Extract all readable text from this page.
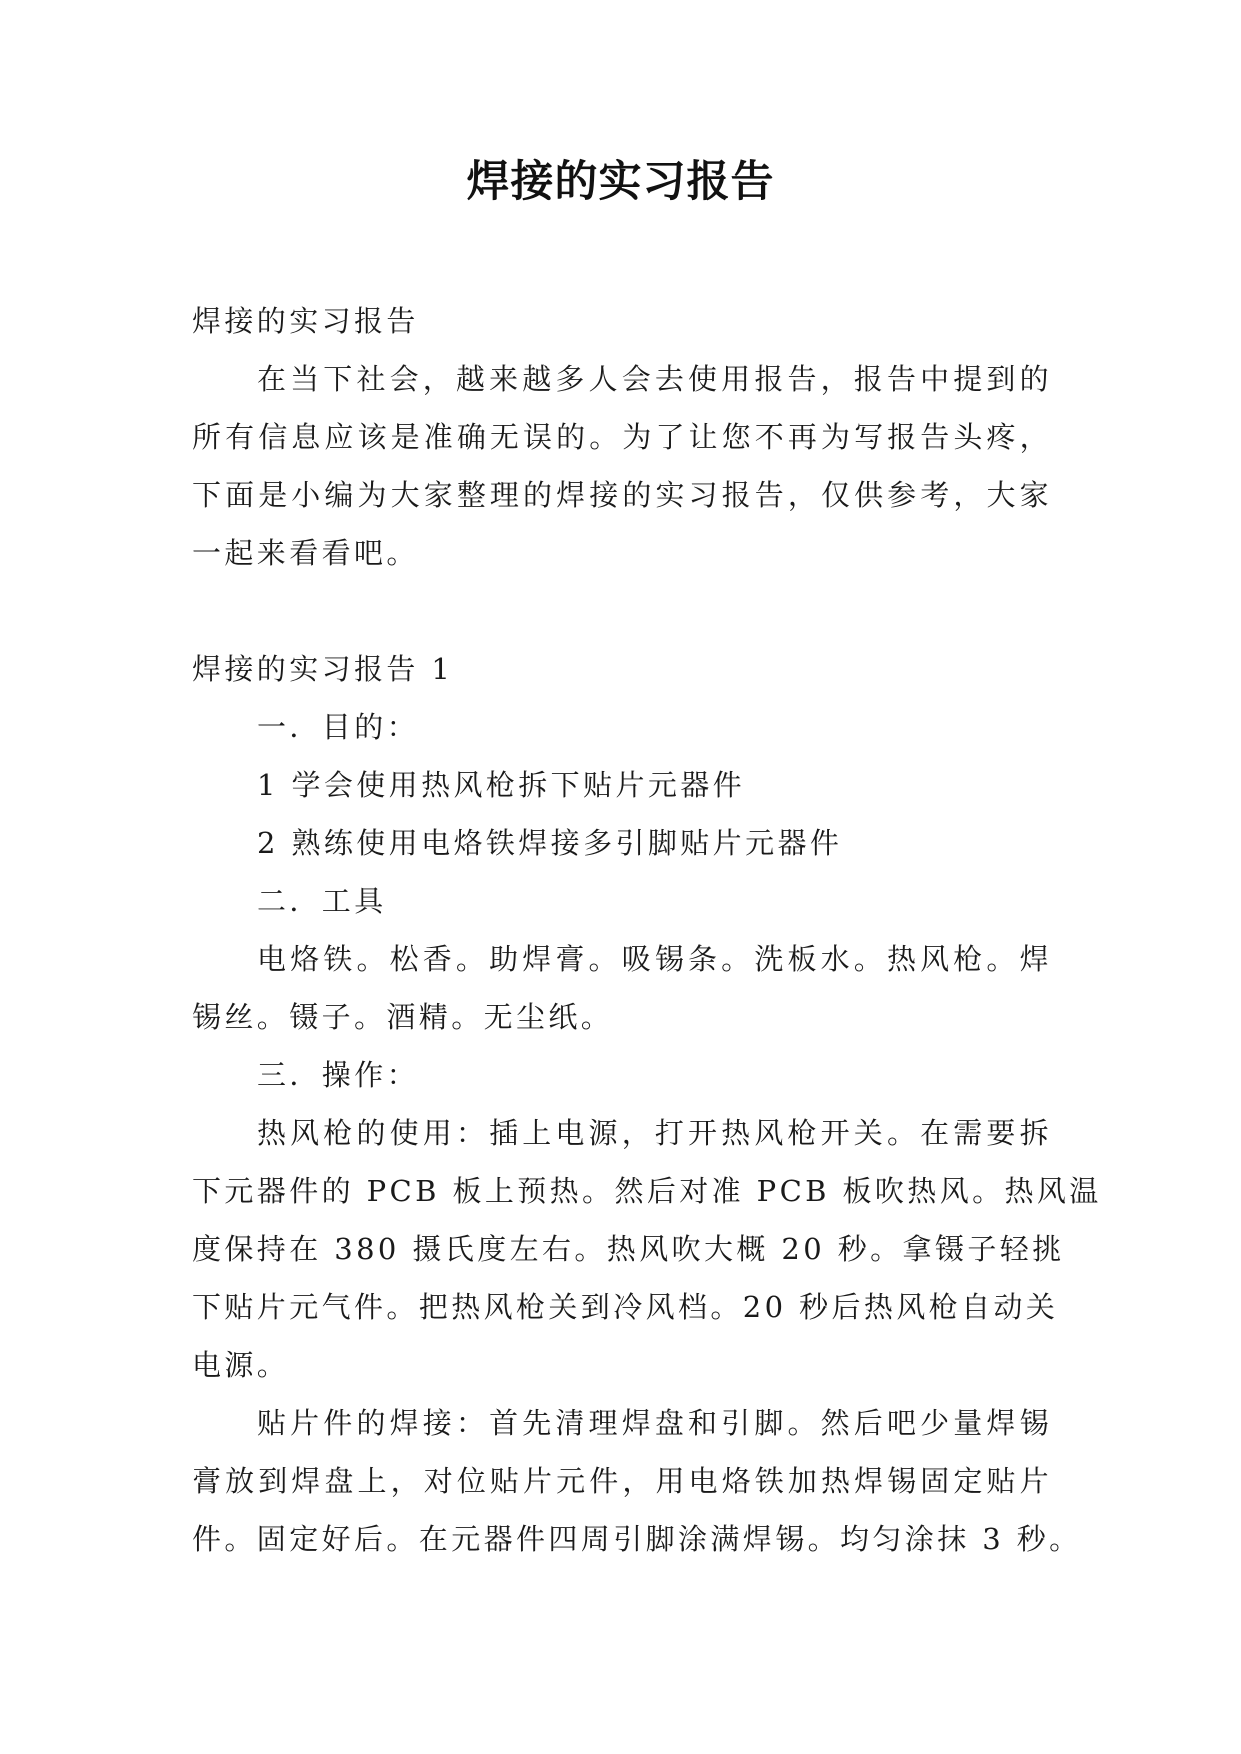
焊接的实习报告

焊接的实习报告

在当下社会，越来越多人会去使用报告，报告中提到的
所有信息应该是准确无误的。为了让您不再为写报告头疼，
下面是小编为大家整理的焊接的实习报告，仅供参考，大家
一起来看看吧。

焊接的实习报告 1

一．目的：

1 学会使用热风枪拆下贴片元器件

2 熟练使用电烙铁焊接多引脚贴片元器件

二．工具

电烙铁。松香。助焊膏。吸锡条。洗板水。热风枪。焊
锡丝。镊子。酒精。无尘纸。

三．操作：

热风枪的使用：插上电源，打开热风枪开关。在需要拆
下元器件的 PCB 板上预热。然后对准 PCB 板吹热风。热风温
度保持在 380 摄氏度左右。热风吹大概 20 秒。拿镊子轻挑
下贴片元气件。把热风枪关到冷风档。20 秒后热风枪自动关
电源。
贴片件的焊接：首先清理焊盘和引脚。然后吧少量焊锡
膏放到焊盘上，对位贴片元件，用电烙铁加热焊锡固定贴片
件。固定好后。在元器件四周引脚涂满焊锡。均匀涂抹 3 秒。
